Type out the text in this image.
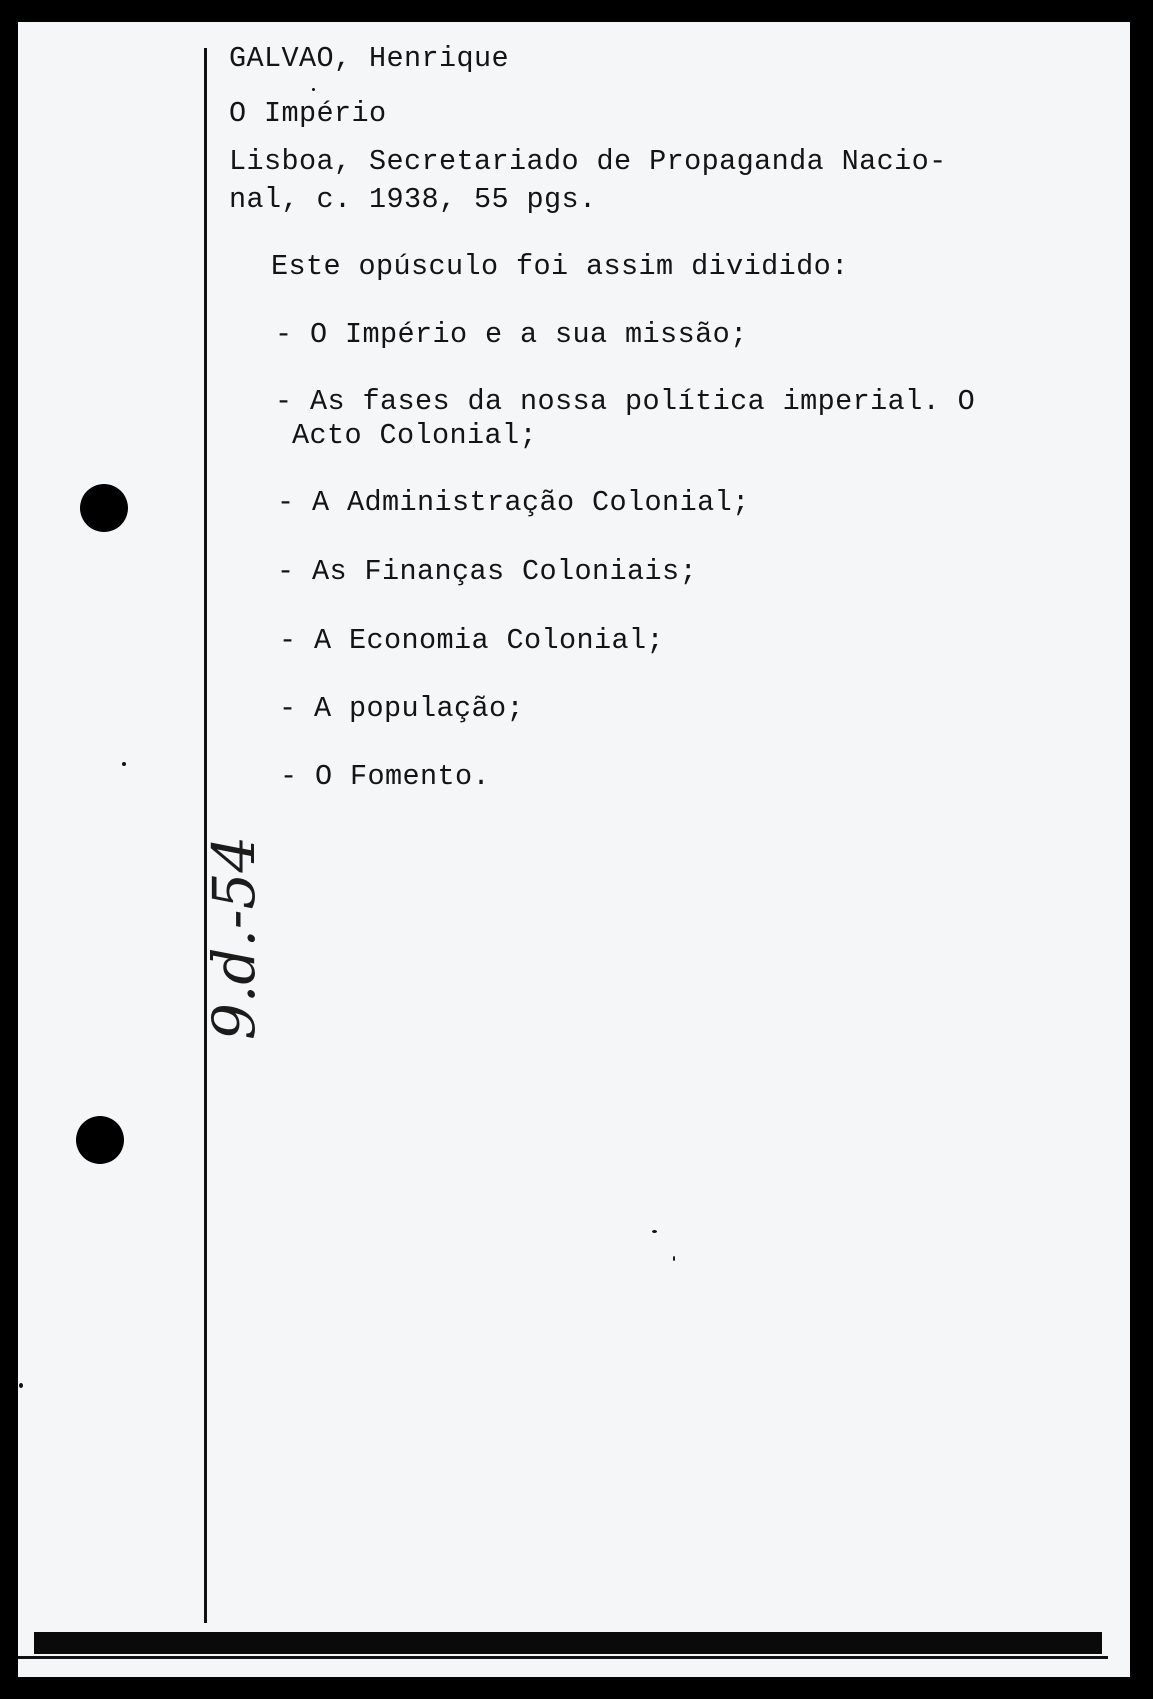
GALVAO, Henrique

O Império

Lisboa, Secretariado de Propaganda Nacio-

nal, c. 1938, 55 pgs.

Este opúsculo foi assim dividido:

- O Império e a sua missão;

- As fases da nossa política imperial. O

Acto Colonial;

- A Administração Colonial;

- As Finanças Coloniais;

- A Economia Colonial;

- A população;

- O Fomento.

9.d.-54
